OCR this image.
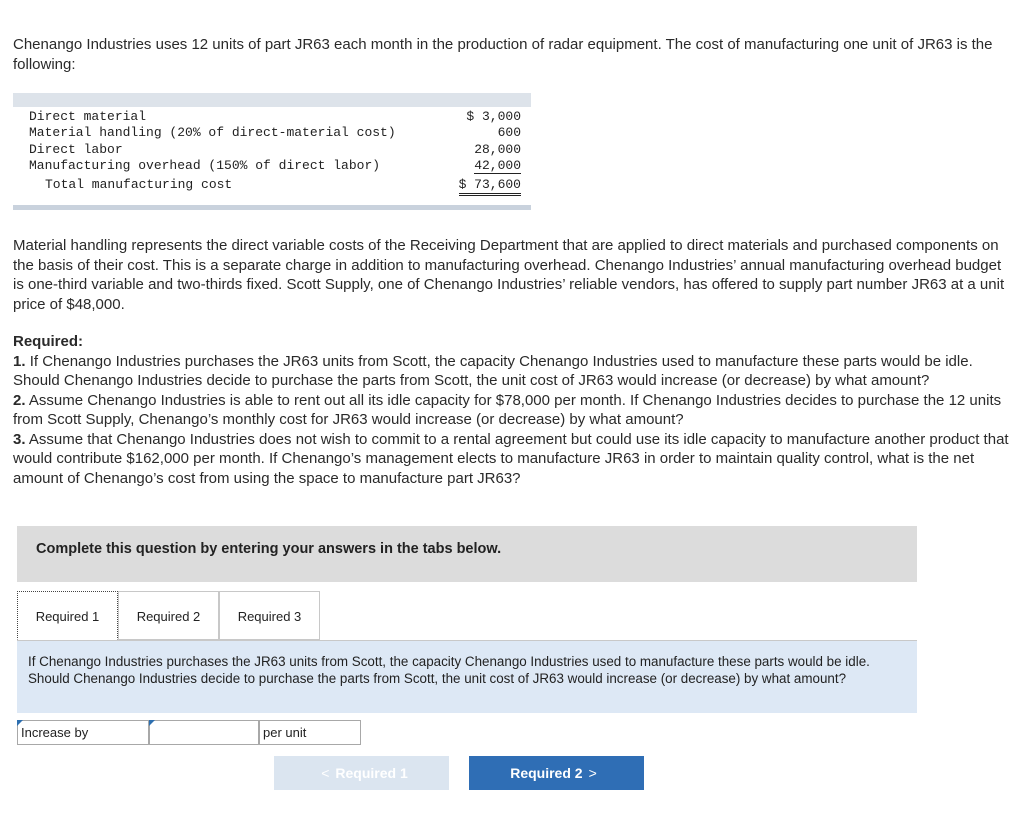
Chenango Industries uses 12 units of part JR63 each month in the production of radar equipment. The cost of manufacturing one unit of JR63 is the following:
Direct material	$ 3,000
Material handling (20% of direct-material cost)	600
Direct labor	28,000
Manufacturing overhead (150% of direct labor)	42,000
Total manufacturing cost	$ 73,600
Material handling represents the direct variable costs of the Receiving Department that are applied to direct materials and purchased components on the basis of their cost. This is a separate charge in addition to manufacturing overhead. Chenango Industries’ annual manufacturing overhead budget is one-third variable and two-thirds fixed. Scott Supply, one of Chenango Industries’ reliable vendors, has offered to supply part number JR63 at a unit price of $48,000.
Required:
1. If Chenango Industries purchases the JR63 units from Scott, the capacity Chenango Industries used to manufacture these parts would be idle. Should Chenango Industries decide to purchase the parts from Scott, the unit cost of JR63 would increase (or decrease) by what amount?
2. Assume Chenango Industries is able to rent out all its idle capacity for $78,000 per month. If Chenango Industries decides to purchase the 12 units from Scott Supply, Chenango’s monthly cost for JR63 would increase (or decrease) by what amount?
3. Assume that Chenango Industries does not wish to commit to a rental agreement but could use its idle capacity to manufacture another product that would contribute $162,000 per month. If Chenango’s management elects to manufacture JR63 in order to maintain quality control, what is the net amount of Chenango’s cost from using the space to manufacture part JR63?
Complete this question by entering your answers in the tabs below.
Required 1	Required 2	Required 3
If Chenango Industries purchases the JR63 units from Scott, the capacity Chenango Industries used to manufacture these parts would be idle. Should Chenango Industries decide to purchase the parts from Scott, the unit cost of JR63 would increase (or decrease) by what amount?
Increase by	per unit
< Required 1	Required 2 >
